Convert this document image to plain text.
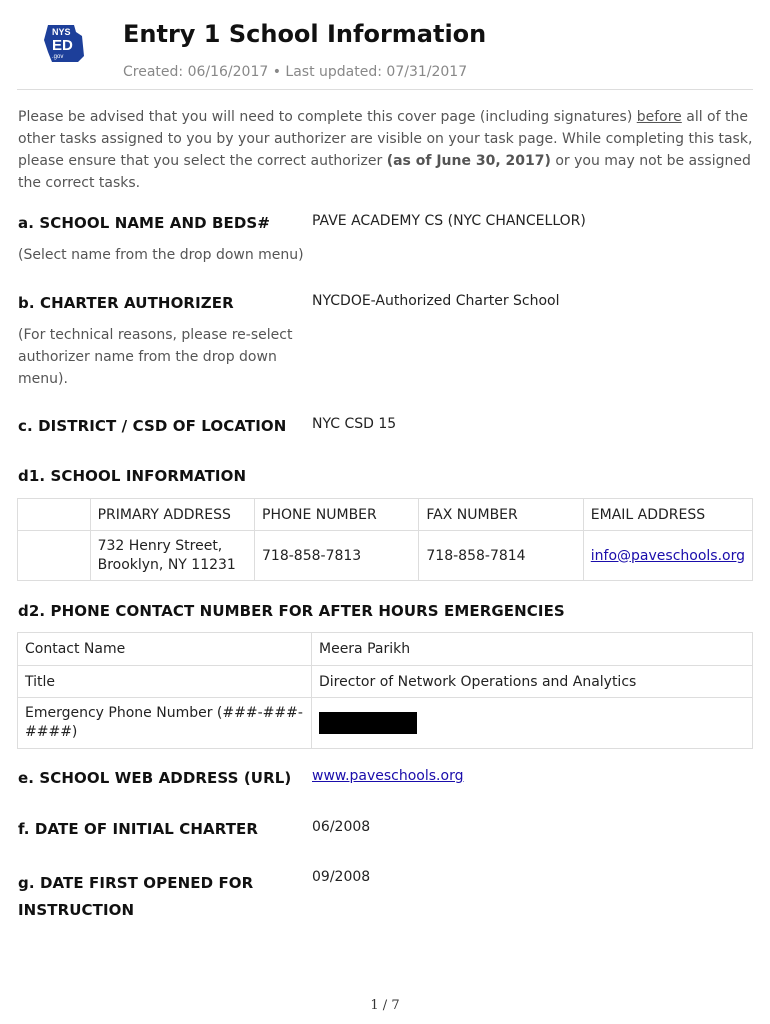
NYS
ED
.gov
Entry 1 School Information
Created: 06/16/2017 • Last updated: 07/31/2017
Please be advised that you will need to complete this cover page (including signatures) before all of the other tasks assigned to you by your authorizer are visible on your task page. While completing this task, please ensure that you select the correct authorizer (as of June 30, 2017) or you may not be assigned the correct tasks.
a. SCHOOL NAME AND BEDS#
(Select name from the drop down menu)
PAVE ACADEMY CS (NYC CHANCELLOR)
b. CHARTER AUTHORIZER
(For technical reasons, please re-select authorizer name from the drop down menu).
NYCDOE-Authorized Charter School
c. DISTRICT / CSD OF LOCATION NYC CSD 15
d1. SCHOOL INFORMATION
	PRIMARY ADDRESS	PHONE NUMBER	FAX NUMBER	EMAIL ADDRESS

	732 Henry Street,
Brooklyn, NY 11231	718-858-7813	718-858-7814	info@paveschools.org
d2. PHONE CONTACT NUMBER FOR AFTER HOURS EMERGENCIES
Contact Name	Meera Parikh
Title	Director of Network Operations and Analytics

Emergency Phone Number (###-###-
####)	

e. SCHOOL WEB ADDRESS (URL) www.paveschools.org
f. DATE OF INITIAL CHARTER	06/2008
g. DATE FIRST OPENED FOR
INSTRUCTION
09/2008
1 / 7
